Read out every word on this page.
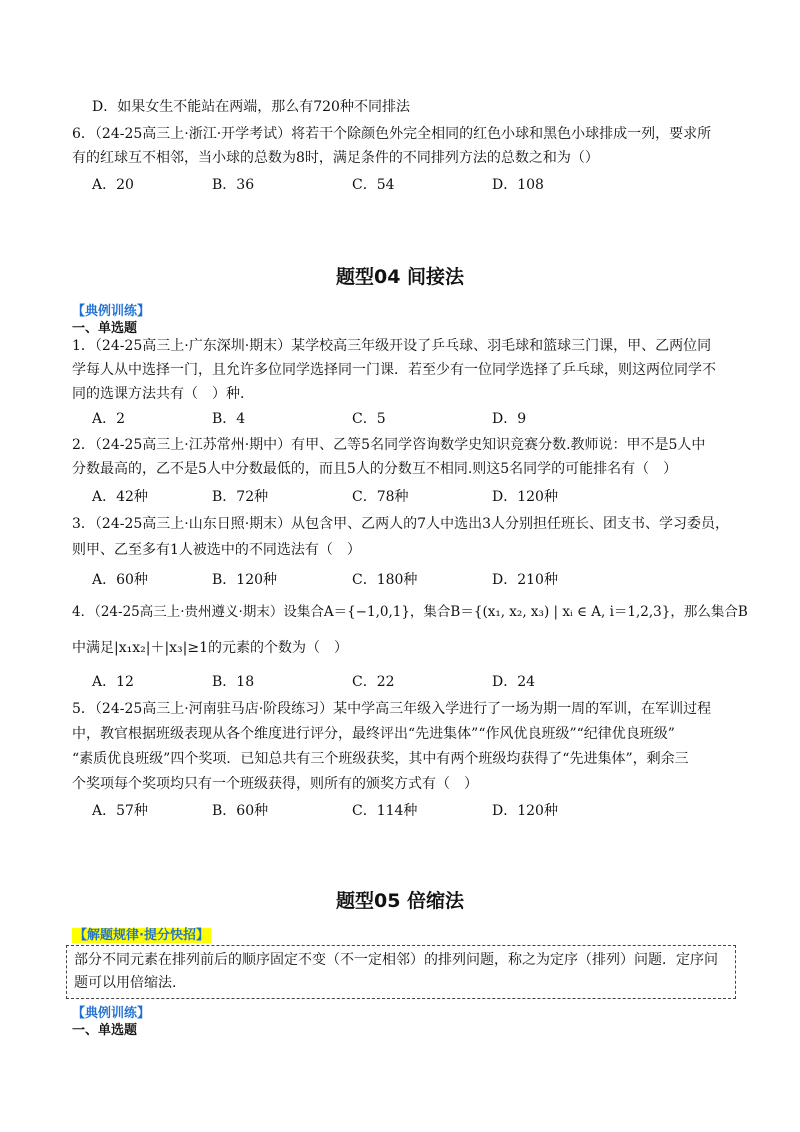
D．如果女生不能站在两端，那么有720种不同排法
6．（24-25高三上·浙江·开学考试）将若干个除颜色外完全相同的红色小球和黑色小球排成一列，要求所
有的红球互不相邻，当小球的总数为8时，满足条件的不同排列方法的总数之和为（）
A．20	B．36	C．54	D．108
题型04 间接法
【典例训练】
一、单选题
1．（24-25高三上·广东深圳·期末）某学校高三年级开设了乒乓球、羽毛球和篮球三门课，甲、乙两位同
学每人从中选择一门，且允许多位同学选择同一门课．若至少有一位同学选择了乒乓球，则这两位同学不
同的选课方法共有（　）种．
A．2	B．4	C．5	D．9
2．（24-25高三上·江苏常州·期中）有甲、乙等5名同学咨询数学史知识竞赛分数.教师说：甲不是5人中
分数最高的，乙不是5人中分数最低的，而且5人的分数互不相同.则这5名同学的可能排名有（　）
A．42种	B．72种	C．78种	D．120种
3．（24-25高三上·山东日照·期末）从包含甲、乙两人的7人中选出3人分别担任班长、团支书、学习委员，
则甲、乙至多有1人被选中的不同选法有（　）
A．60种	B．120种	C．180种	D．210种
4．（24-25高三上·贵州遵义·期末）设集合A＝{−1,0,1}，集合B＝{(x₁, x₂, x₃) | xᵢ ∈ A, i＝1,2,3}，那么集合B
中满足|x₁x₂|＋|x₃|≥1的元素的个数为（　）
A．12	B．18	C．22	D．24
5．（24-25高三上·河南驻马店·阶段练习）某中学高三年级入学进行了一场为期一周的军训，在军训过程
中，教官根据班级表现从各个维度进行评分，最终评出“先进集体”“作风优良班级”“纪律优良班级”
“素质优良班级”四个奖项．已知总共有三个班级获奖，其中有两个班级均获得了“先进集体”，剩余三
个奖项每个奖项均只有一个班级获得，则所有的颁奖方式有（　）
A．57种	B．60种	C．114种	D．120种
题型05 倍缩法
【解题规律·提分快招】
部分不同元素在排列前后的顺序固定不变（不一定相邻）的排列问题，称之为定序（排列）问题．定序问题可以用倍缩法.
【典例训练】
一、单选题
